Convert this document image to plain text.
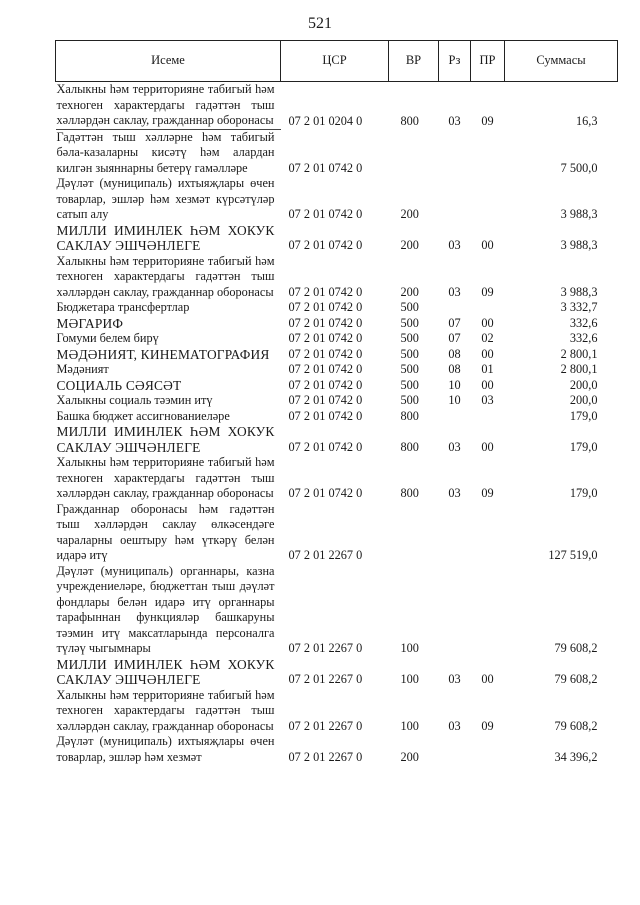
521
Исеме	ЦСР	ВР	Рз	ПР	Суммасы
Халыкны һәм территорияне табигый һәм техноген характердагы гадәттән тыш хәлләрдән саклау, гражданнар оборонасы	07 2 01 0204 0	800	03	09	16,3
Гадәттән тыш хәлләрне һәм табигый бәла-казаларны кисәтү һәм алардан килгән зыяннарны бетерү гамәлләре	07 2 01 0742 0				7 500,0
Дәүләт (муниципаль) ихтыяҗлары өчен товарлар, эшләр һәм хезмәт күрсәтүләр сатып алу	07 2 01 0742 0	200			3 988,3
МИЛЛИ ИМИНЛЕК ҺӘМ ХОКУК САКЛАУ ЭШЧӘНЛЕГЕ	07 2 01 0742 0	200	03	00	3 988,3
Халыкны һәм территорияне табигый һәм техноген характердагы гадәттән тыш хәлләрдән саклау, гражданнар оборонасы	07 2 01 0742 0	200	03	09	3 988,3
Бюджетара трансфертлар	07 2 01 0742 0	500			3 332,7
МӘГАРИФ	07 2 01 0742 0	500	07	00	332,6
Гомуми белем бирү	07 2 01 0742 0	500	07	02	332,6
МӘДӘНИЯТ, КИНЕМАТОГРАФИЯ	07 2 01 0742 0	500	08	00	2 800,1
Мәдәният	07 2 01 0742 0	500	08	01	2 800,1
СОЦИАЛЬ СӘЯСӘТ	07 2 01 0742 0	500	10	00	200,0
Халыкны социаль тәэмин итү	07 2 01 0742 0	500	10	03	200,0
Башка бюджет ассигнованиеләре	07 2 01 0742 0	800			179,0
МИЛЛИ ИМИНЛЕК ҺӘМ ХОКУК САКЛАУ ЭШЧӘНЛЕГЕ	07 2 01 0742 0	800	03	00	179,0
Халыкны һәм территорияне табигый һәм техноген характердагы гадәттән тыш хәлләрдән саклау, гражданнар оборонасы	07 2 01 0742 0	800	03	09	179,0
Гражданнар оборонасы һәм гадәттән тыш хәлләрдән саклау өлкәсендәге чараларны оештыру һәм үткәрү белән идарә итү	07 2 01 2267 0				127 519,0
Дәүләт (муниципаль) органнары, казна учреждениеләре, бюджеттан тыш дәүләт фондлары белән идарә итү органнары тарафыннан функцияләр башкаруны тәэмин итү максатларында персоналга түләү чыгымнары	07 2 01 2267 0	100			79 608,2
МИЛЛИ ИМИНЛЕК ҺӘМ ХОКУК САКЛАУ ЭШЧӘНЛЕГЕ	07 2 01 2267 0	100	03	00	79 608,2
Халыкны һәм территорияне табигый һәм техноген характердагы гадәттән тыш хәлләрдән саклау, гражданнар оборонасы	07 2 01 2267 0	100	03	09	79 608,2
Дәүләт (муниципаль) ихтыяҗлары өчен товарлар, эшләр һәм хезмәт	07 2 01 2267 0	200			34 396,2
